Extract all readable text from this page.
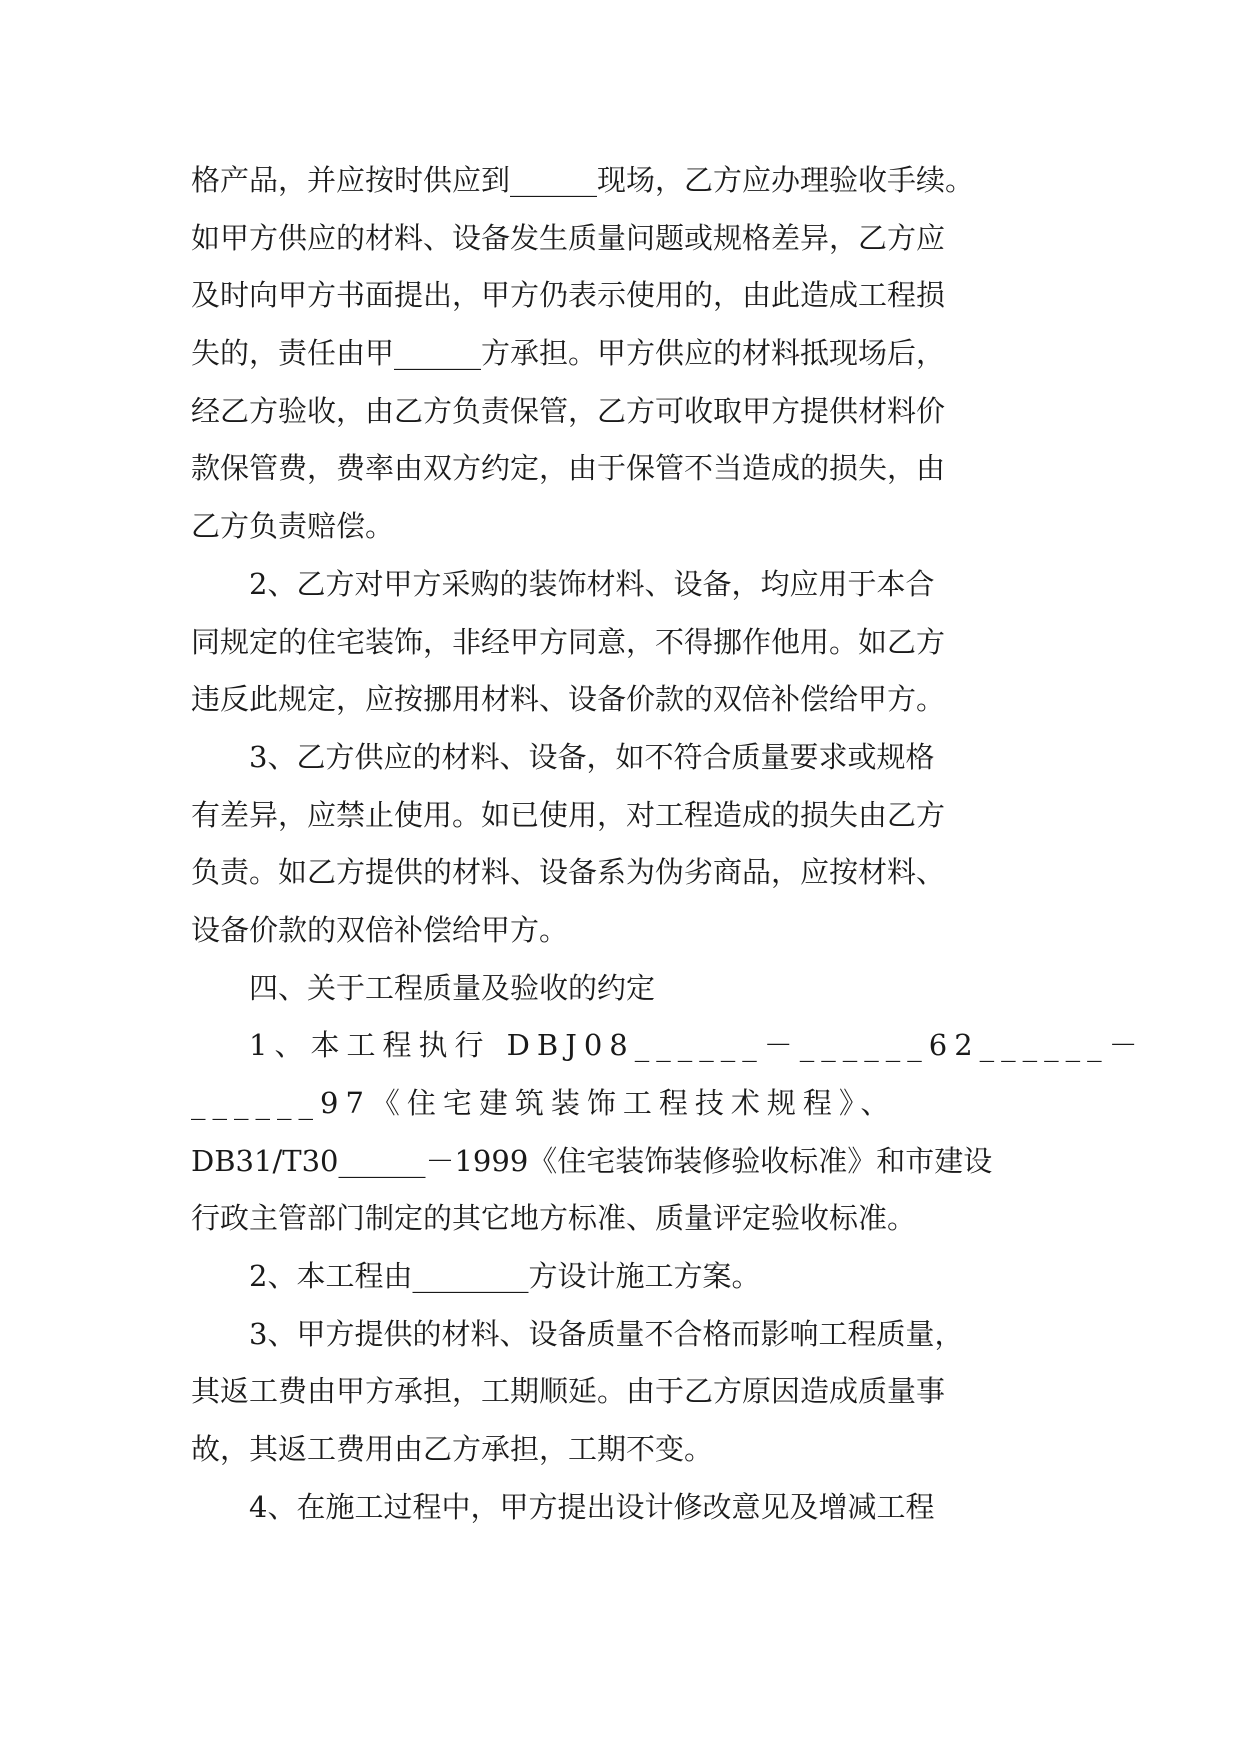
格产品，并应按时供应到______现场，乙方应办理验收手续。
如甲方供应的材料、设备发生质量问题或规格差异，乙方应
及时向甲方书面提出，甲方仍表示使用的，由此造成工程损
失的，责任由甲______方承担。甲方供应的材料抵现场后，
经乙方验收，由乙方负责保管，乙方可收取甲方提供材料价
款保管费，费率由双方约定，由于保管不当造成的损失，由
乙方负责赔偿。
2、乙方对甲方采购的装饰材料、设备，均应用于本合
同规定的住宅装饰，非经甲方同意，不得挪作他用。如乙方
违反此规定，应按挪用材料、设备价款的双倍补偿给甲方。
3、乙方供应的材料、设备，如不符合质量要求或规格
有差异，应禁止使用。如已使用，对工程造成的损失由乙方
负责。如乙方提供的材料、设备系为伪劣商品，应按材料、
设备价款的双倍补偿给甲方。
四、关于工程质量及验收的约定
1、本工程执行 DBJ08______－______62______－
______97《住宅建筑装饰工程技术规程》、
DB31/T30______－1999《住宅装饰装修验收标准》和市建设
行政主管部门制定的其它地方标准、质量评定验收标准。
2、本工程由________方设计施工方案。
3、甲方提供的材料、设备质量不合格而影响工程质量，
其返工费由甲方承担，工期顺延。由于乙方原因造成质量事
故，其返工费用由乙方承担，工期不变。
4、在施工过程中，甲方提出设计修改意见及增减工程
